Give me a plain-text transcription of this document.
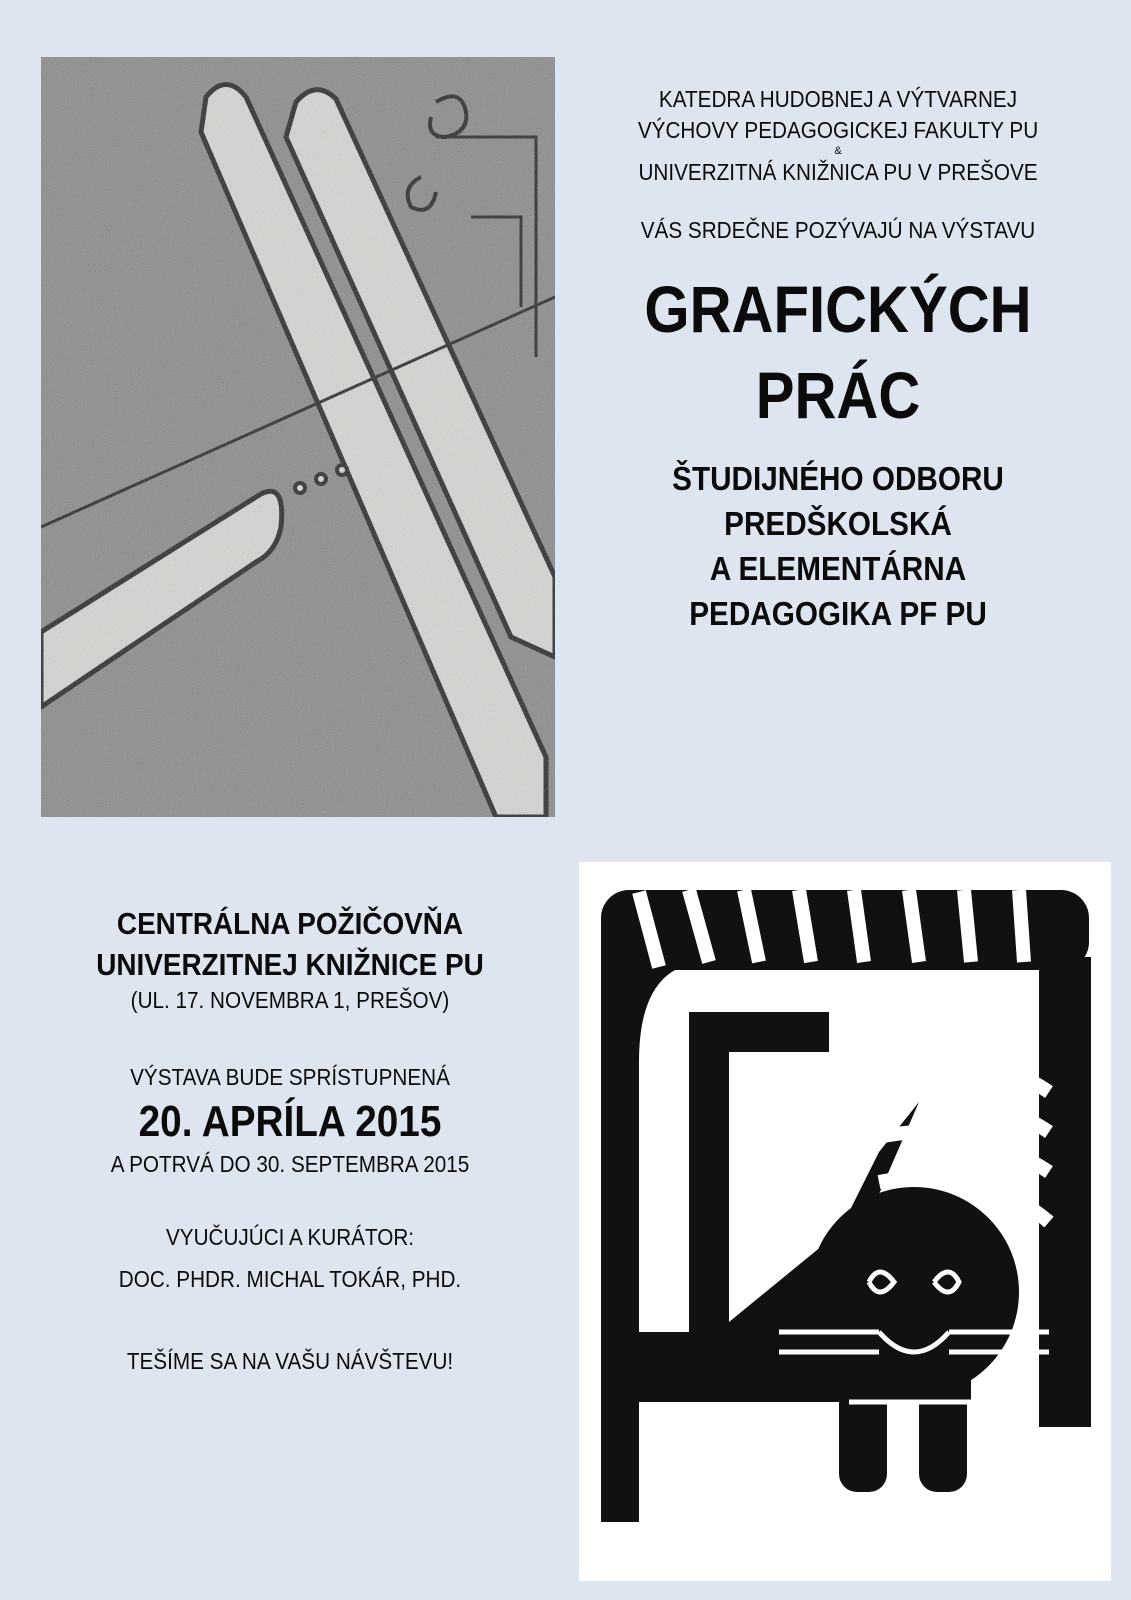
KATEDRA HUDOBNEJ A VÝTVARNEJ
VÝCHOVY PEDAGOGICKEJ FAKULTY PU
&
UNIVERZITNÁ KNIŽNICA PU V PREŠOVE
VÁS SRDEČNE POZÝVAJÚ NA VÝSTAVU
GRAFICKÝCH
PRÁC
ŠTUDIJNÉHO ODBORU
PREDŠKOLSKÁ
A ELEMENTÁRNA
PEDAGOGIKA PF PU
CENTRÁLNA POŽIČOVŇA
UNIVERZITNEJ KNIŽNICE PU
(UL. 17. NOVEMBRA 1, PREŠOV)
VÝSTAVA BUDE SPRÍSTUPNENÁ
20. APRÍLA 2015
A POTRVÁ DO 30. SEPTEMBRA 2015
VYUČUJÚCI A KURÁTOR:
DOC. PHDR. MICHAL TOKÁR, PHD.
TEŠÍME SA NA VAŠU NÁVŠTEVU!
